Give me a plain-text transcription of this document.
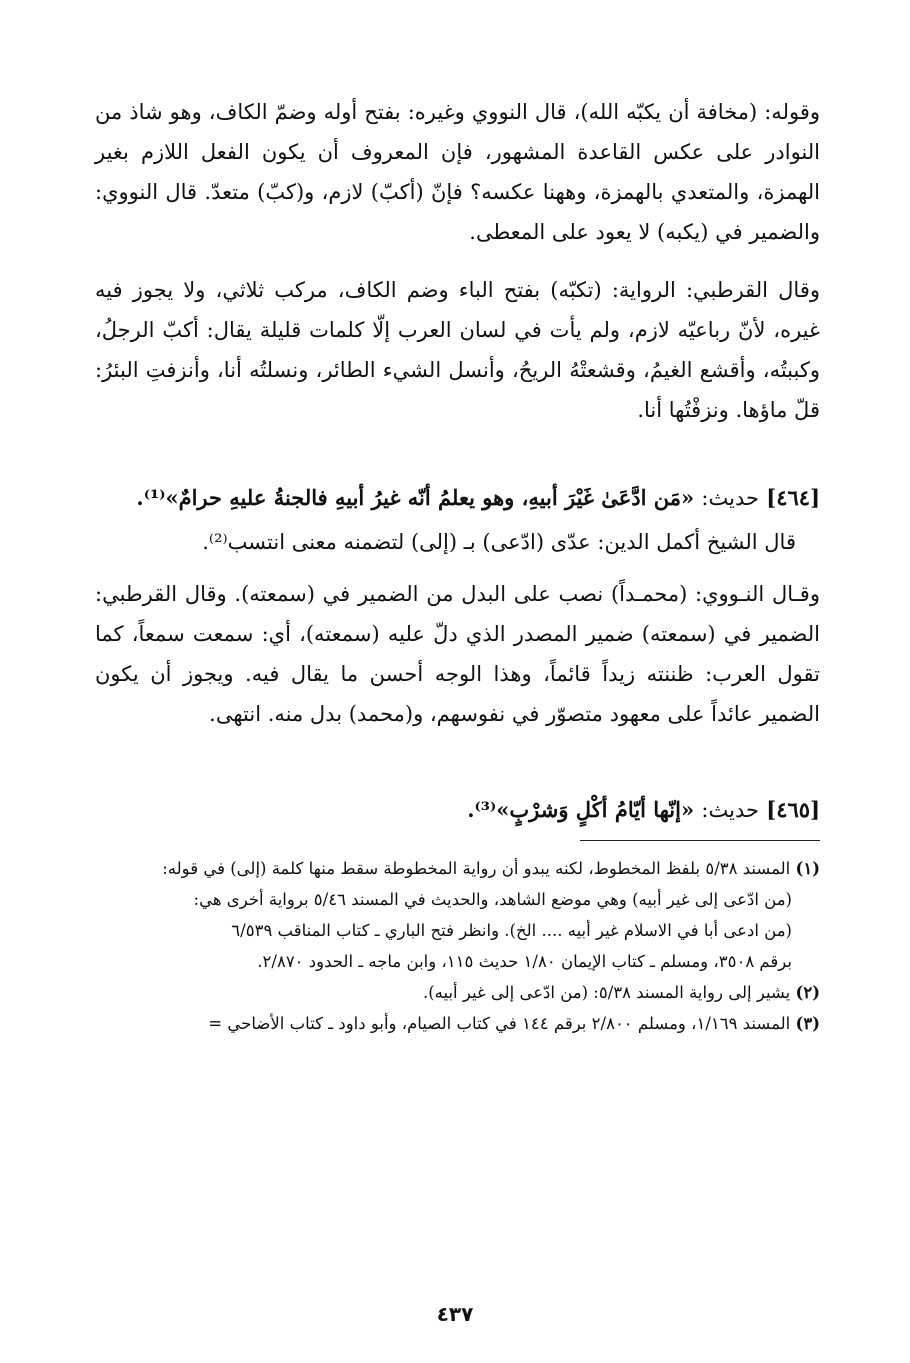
وقوله: (مخافة أن يكبّه الله)، قال النووي وغيره: بفتح أوله وضمّ الكاف، وهو شاذ من النوادر على عكس القاعدة المشهور، فإن المعروف أن يكون الفعل اللازم بغير الهمزة، والمتعدي بالهمزة، وههنا عكسه؟ فإنّ (أكبّ) لازم، و(كبّ) متعدّ. قال النووي: والضمير في (يكبه) لا يعود على المعطى.

وقال القرطبي: الرواية: (تكبّه) بفتح الباء وضم الكاف، مركب ثلاثي، ولا يجوز فيه غيره، لأنّ رباعيّه لازم، ولم يأت في لسان العرب إلّا كلمات قليلة يقال: أكبّ الرجلُ، وكببتُه، وأقشع الغيمُ، وقشعتْهُ الريحُ، وأنسل الشيء الطائر، ونسلتُه أنا، وأنزفتِ البئرُ: قلّ ماؤها. ونزفْتُها أنا.

[٤٦٤] حديث: «مَن ادَّعَىٰ غَيْرَ أبيهِ، وهو يعلمُ أنّه غيرُ أبيهِ فالجنةُ عليهِ حرامٌ»⁽¹⁾.

قال الشيخ أكمل الدين: عدّى (ادّعى) بـ (إلى) لتضمنه معنى انتسب⁽²⁾.

وقـال النـووي: (محمـداً) نصب على البدل من الضمير في (سمعته). وقال القرطبي: الضمير في (سمعته) ضمير المصدر الذي دلّ عليه (سمعته)، أي: سمعت سمعاً، كما تقول العرب: ظننته زيداً قائماً، وهذا الوجه أحسن ما يقال فيه. ويجوز أن يكون الضمير عائداً على معهود متصوّر في نفوسهم، و(محمد) بدل منه. انتهى.

[٤٦٥] حديث: «إنّها أيّامُ أكْلٍ وَشرْبٍ»⁽³⁾.

(١) المسند ٥/٣٨ بلفظ المخطوط، لكنه يبدو أن رواية المخطوطة سقط منها كلمة (إلى) في قوله:

(من ادّعى إلى غير أبيه) وهي موضع الشاهد، والحديث في المسند ٥/٤٦ برواية أخرى هي:

(من ادعى أبا في الاسلام غير أبيه .... الخ). وانظر فتح الباري ـ كتاب المناقب ٦/٥٣٩

برقم ٣٥٠٨، ومسلم ـ كتاب الإيمان ١/٨٠ حديث ١١٥، وابن ماجه ـ الحدود ٢/٨٧٠.

(٢) يشير إلى رواية المسند ٥/٣٨: (من ادّعى إلى غير أبيه).

(٣) المسند ١/١٦٩، ومسلم ٢/٨٠٠ برقم ١٤٤ في كتاب الصيام، وأبو داود ـ كتاب الأضاحي =

٤٣٧
